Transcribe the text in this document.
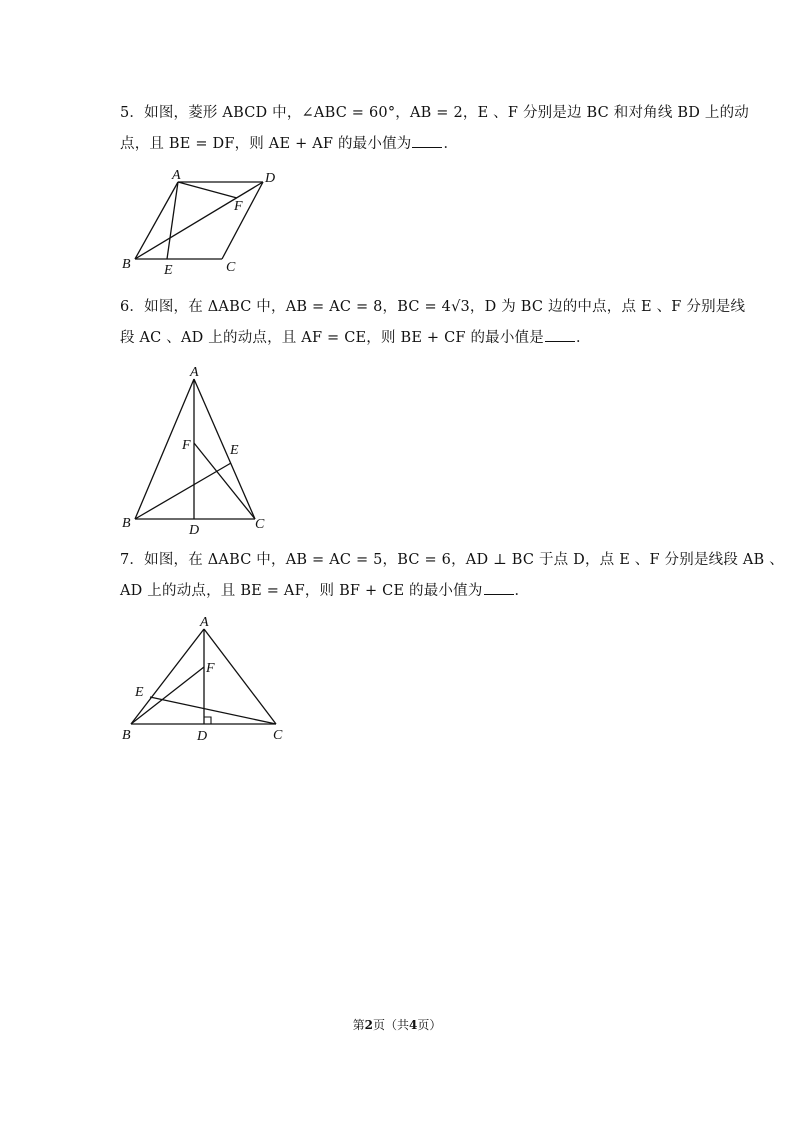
5．如图，菱形 ABCD 中，∠ABC = 60°，AB = 2，E 、F 分别是边 BC 和对角线 BD 上的动
点，且 BE = DF，则 AE + AF 的最小值为 ．
A	D
F
B E	C
6．如图，在 ΔABC 中，AB = AC = 8，BC = 4√3，D 为 BC 边的中点，点 E 、F 分别是线
段 AC 、AD 上的动点，且 AF = CE，则 BE + CF 的最小值是 ．
A
F	E
B	D	C
7．如图，在 ΔABC 中，AB = AC = 5，BC = 6，AD ⊥ BC 于点 D，点 E 、F 分别是线段 AB 、
AD 上的动点，且 BE = AF，则 BF + CE 的最小值为 ．
A
F
E
B	D	C
第2页（共4页）
